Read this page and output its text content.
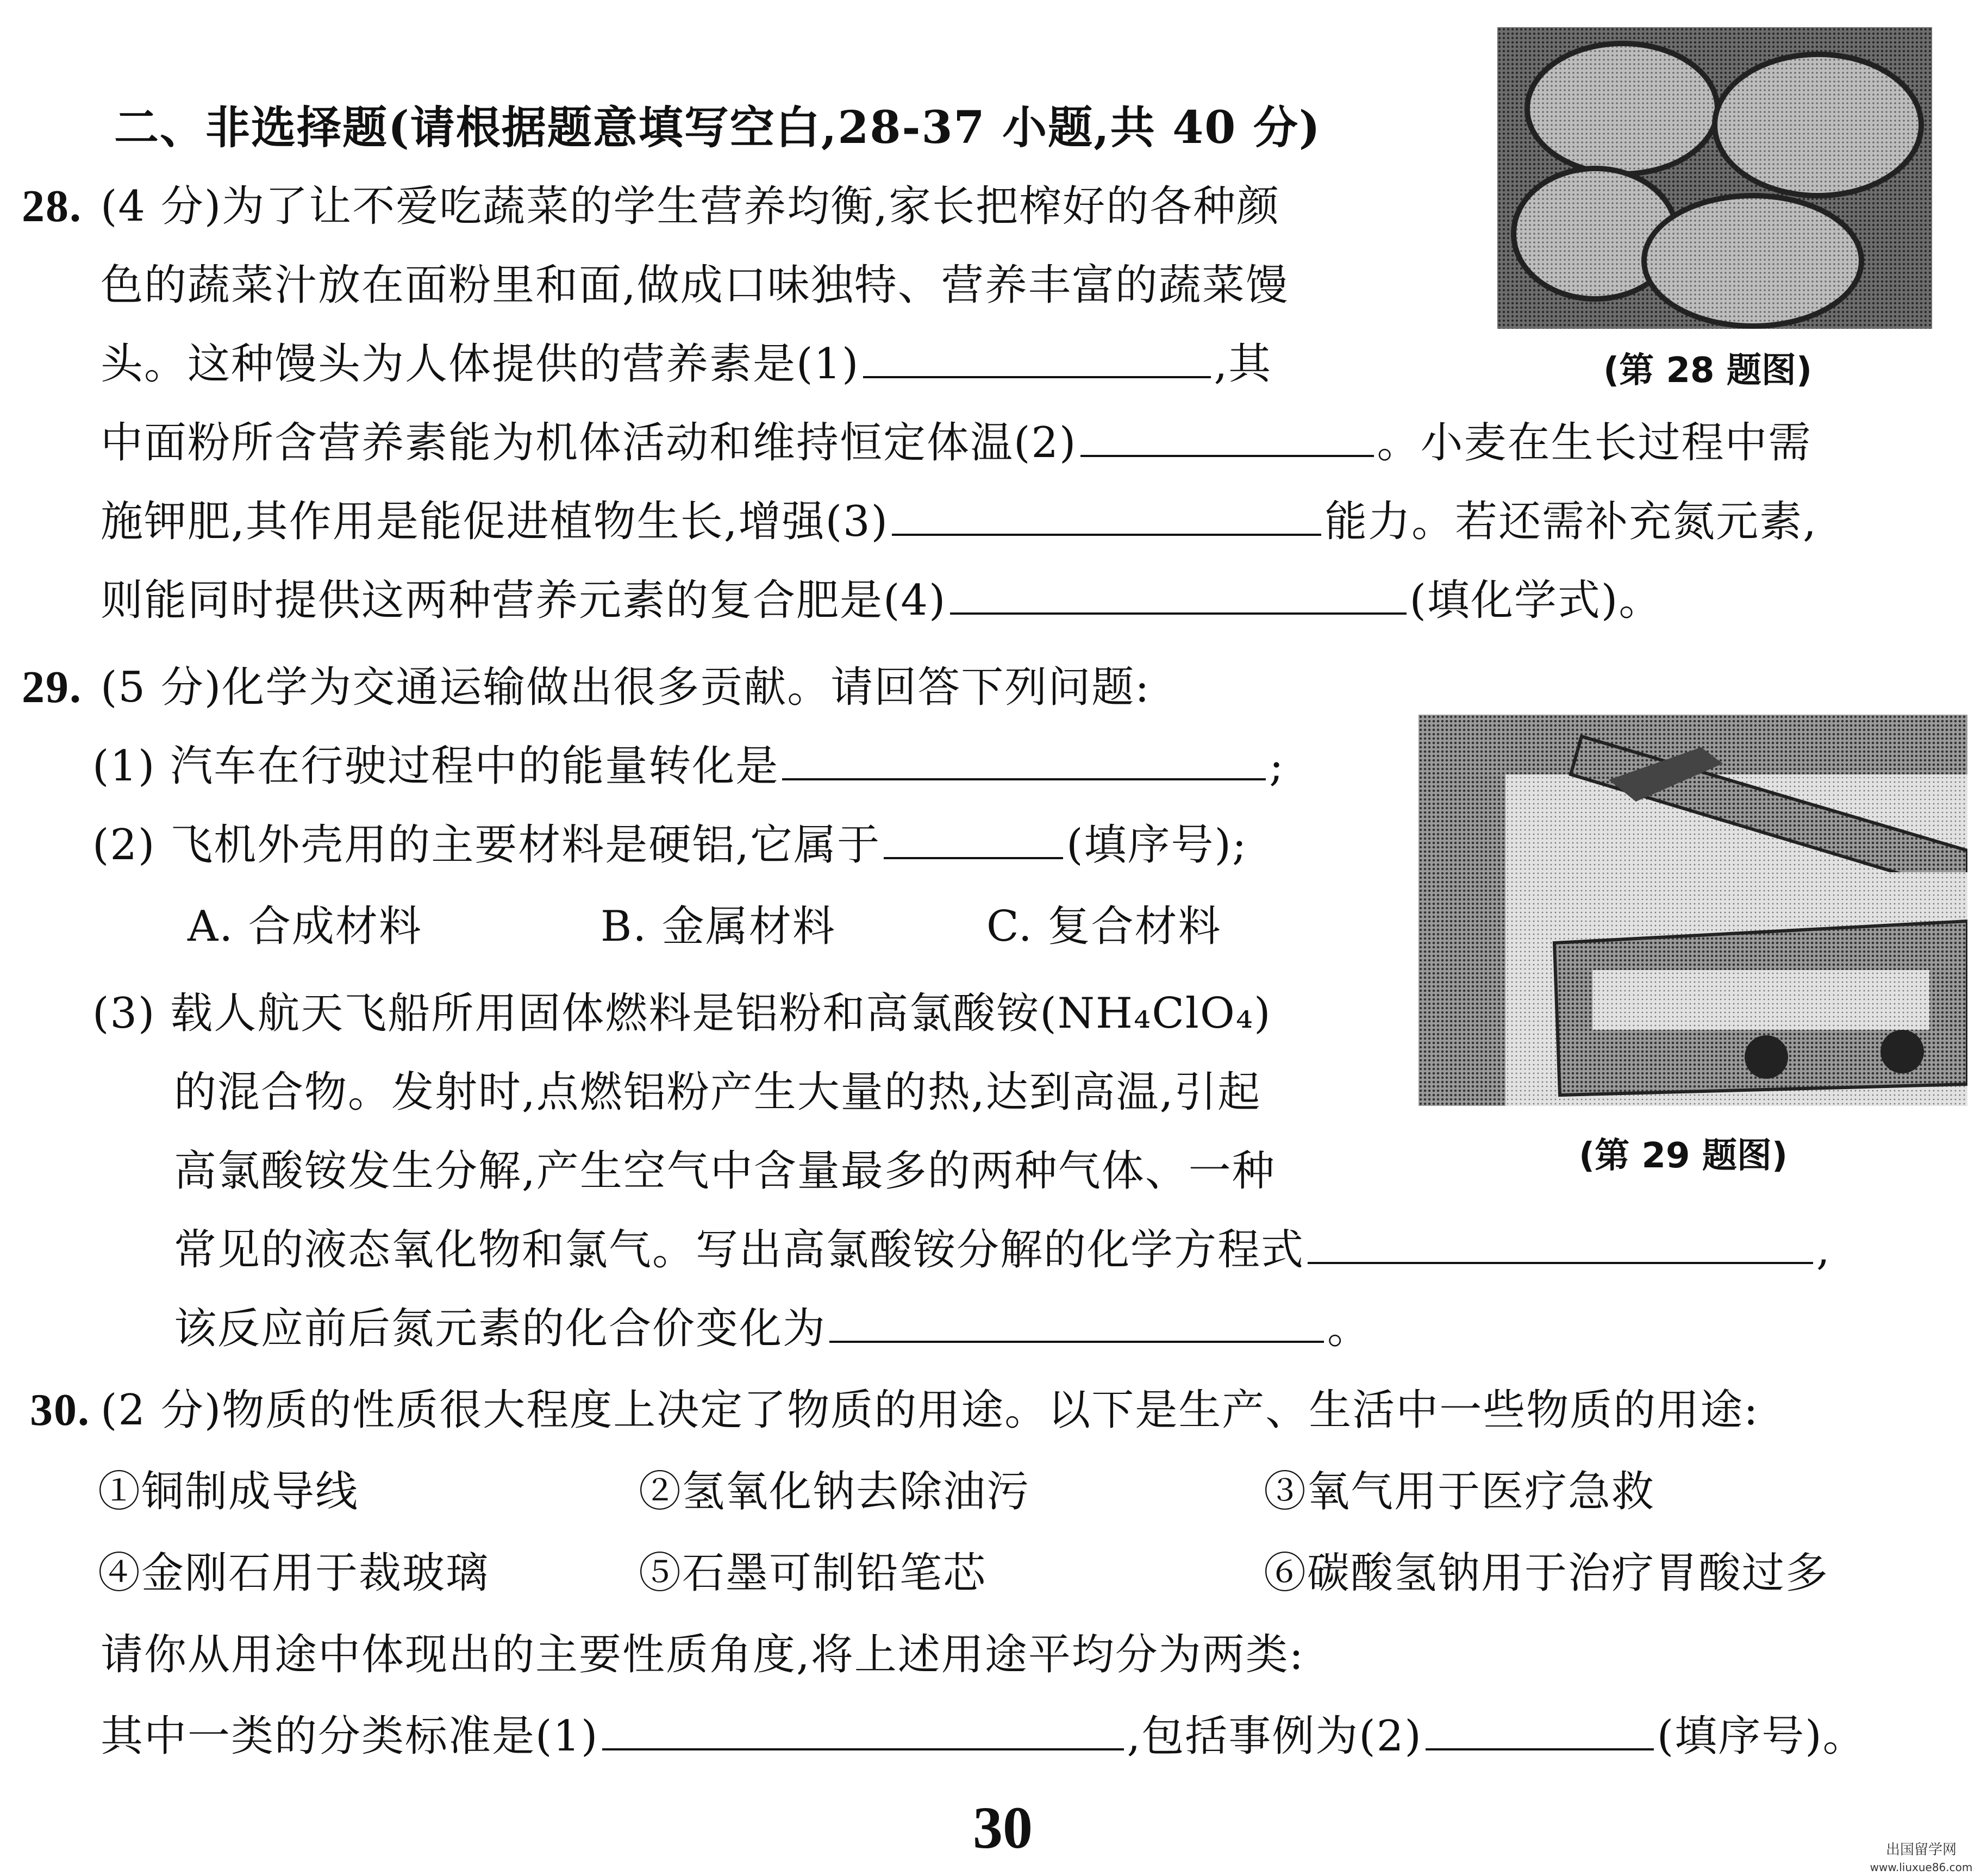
二、非选择题(请根据题意填写空白,28-37 小题,共 40 分)
(第 28 题图)
28. (4 分)为了让不爱吃蔬菜的学生营养均衡,家长把榨好的各种颜
色的蔬菜汁放在面粉里和面,做成口味独特、营养丰富的蔬菜馒
头。这种馒头为人体提供的营养素是(1)	,其
中面粉所含营养素能为机体活动和维持恒定体温(2)	。小麦在生长过程中需
施钾肥,其作用是能促进植物生长,增强(3)	能力。若还需补充氮元素,
则能同时提供这两种营养元素的复合肥是(4)	(填化学式)。
29. (5 分)化学为交通运输做出很多贡献。请回答下列问题:
(1) 汽车在行驶过程中的能量转化是	;
(2) 飞机外壳用的主要材料是硬铝,它属于	(填序号);
A. 合成材料	B. 金属材料	C. 复合材料
(3) 载人航天飞船所用固体燃料是铝粉和高氯酸铵(NH₄ClO₄)
的混合物。发射时,点燃铝粉产生大量的热,达到高温,引起
高氯酸铵发生分解,产生空气中含量最多的两种气体、一种
常见的液态氧化物和氯气。写出高氯酸铵分解的化学方程式	,
该反应前后氮元素的化合价变化为	。
(第 29 题图)
30. (2 分)物质的性质很大程度上决定了物质的用途。以下是生产、生活中一些物质的用途:
①铜制成导线	②氢氧化钠去除油污	③氧气用于医疗急救
④金刚石用于裁玻璃	⑤石墨可制铅笔芯	⑥碳酸氢钠用于治疗胃酸过多
请你从用途中体现出的主要性质角度,将上述用途平均分为两类:
其中一类的分类标准是(1)	,包括事例为(2)	(填序号)。
30	出国留学网
www.liuxue86.com
